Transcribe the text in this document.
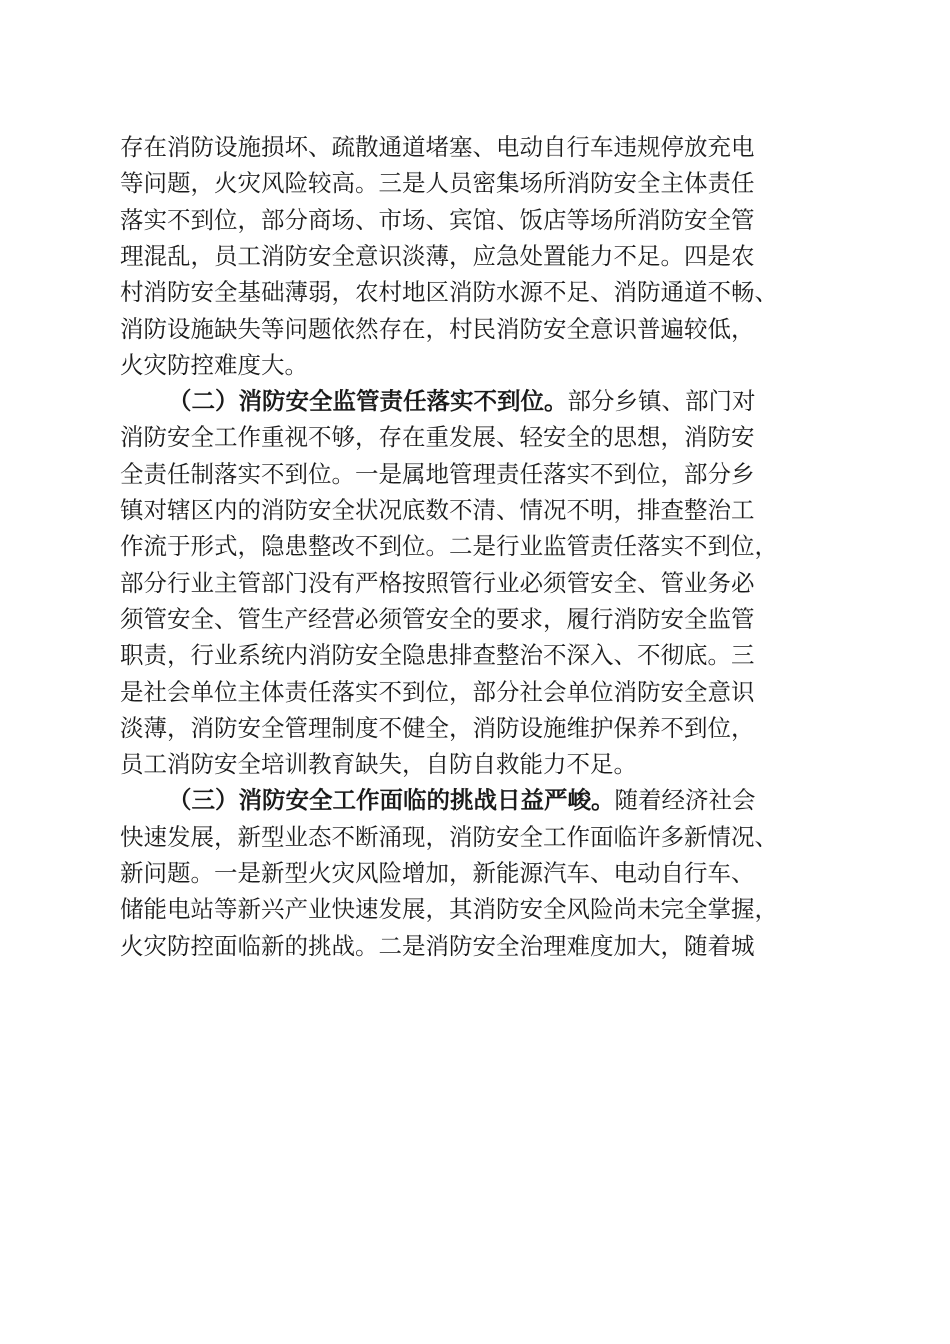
存在消防设施损坏、疏散通道堵塞、电动自行车违规停放充电
等问题，火灾风险较高。三是人员密集场所消防安全主体责任
落实不到位，部分商场、市场、宾馆、饭店等场所消防安全管
理混乱，员工消防安全意识淡薄，应急处置能力不足。四是农
村消防安全基础薄弱，农村地区消防水源不足、消防通道不畅、
消防设施缺失等问题依然存在，村民消防安全意识普遍较低，
火灾防控难度大。
（二）消防安全监管责任落实不到位。部分乡镇、部门对
消防安全工作重视不够，存在重发展、轻安全的思想，消防安
全责任制落实不到位。一是属地管理责任落实不到位，部分乡
镇对辖区内的消防安全状况底数不清、情况不明，排查整治工
作流于形式，隐患整改不到位。二是行业监管责任落实不到位，
部分行业主管部门没有严格按照管行业必须管安全、管业务必
须管安全、管生产经营必须管安全的要求，履行消防安全监管
职责，行业系统内消防安全隐患排查整治不深入、不彻底。三
是社会单位主体责任落实不到位，部分社会单位消防安全意识
淡薄，消防安全管理制度不健全，消防设施维护保养不到位，
员工消防安全培训教育缺失，自防自救能力不足。
（三）消防安全工作面临的挑战日益严峻。随着经济社会
快速发展，新型业态不断涌现，消防安全工作面临许多新情况、
新问题。一是新型火灾风险增加，新能源汽车、电动自行车、
储能电站等新兴产业快速发展，其消防安全风险尚未完全掌握，
火灾防控面临新的挑战。二是消防安全治理难度加大，随着城
